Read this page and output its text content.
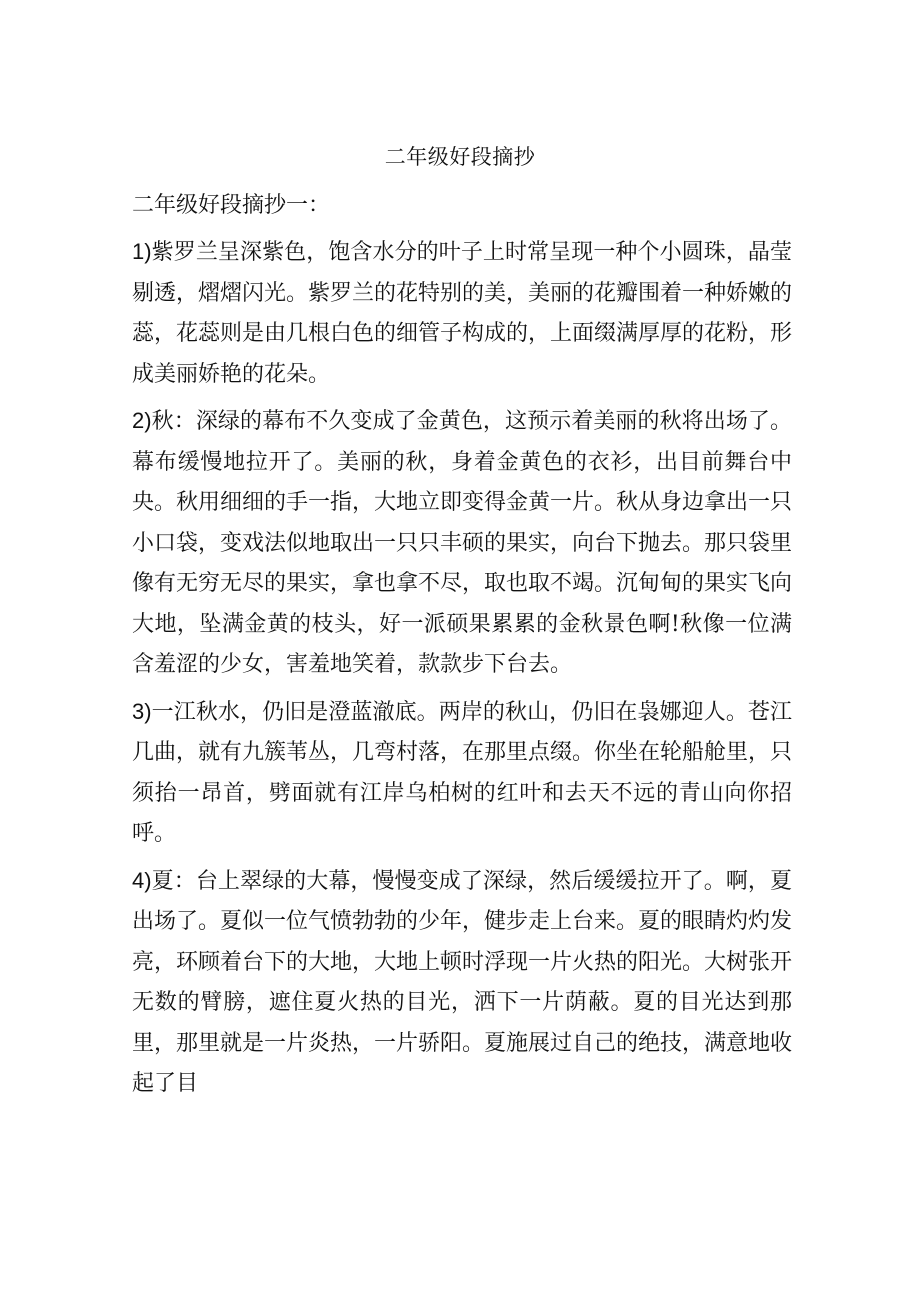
二年级好段摘抄
二年级好段摘抄一：

1)紫罗兰呈深紫色，饱含水分的叶子上时常呈现一种个小圆珠，晶莹剔透，熠熠闪光。紫罗兰的花特别的美，美丽的花瓣围着一种娇嫩的蕊，花蕊则是由几根白色的细管子构成的，上面缀满厚厚的花粉，形成美丽娇艳的花朵。

2)秋：深绿的幕布不久变成了金黄色，这预示着美丽的秋将出场了。幕布缓慢地拉开了。美丽的秋，身着金黄色的衣衫，出目前舞台中央。秋用细细的手一指，大地立即变得金黄一片。秋从身边拿出一只小口袋，变戏法似地取出一只只丰硕的果实，向台下抛去。那只袋里像有无穷无尽的果实，拿也拿不尽，取也取不竭。沉甸甸的果实飞向大地，坠满金黄的枝头，好一派硕果累累的金秋景色啊!秋像一位满含羞涩的少女，害羞地笑着，款款步下台去。

3)一江秋水，仍旧是澄蓝澈底。两岸的秋山，仍旧在袅娜迎人。苍江几曲，就有九簇苇丛，几弯村落，在那里点缀。你坐在轮船舱里，只须抬一昂首，劈面就有江岸乌柏树的红叶和去天不远的青山向你招呼。

4)夏：台上翠绿的大幕，慢慢变成了深绿，然后缓缓拉开了。啊，夏出场了。夏似一位气愤勃勃的少年，健步走上台来。夏的眼睛灼灼发亮，环顾着台下的大地，大地上顿时浮现一片火热的阳光。大树张开无数的臂膀，遮住夏火热的目光，洒下一片荫蔽。夏的目光达到那里，那里就是一片炎热，一片骄阳。夏施展过自己的绝技，满意地收起了目
